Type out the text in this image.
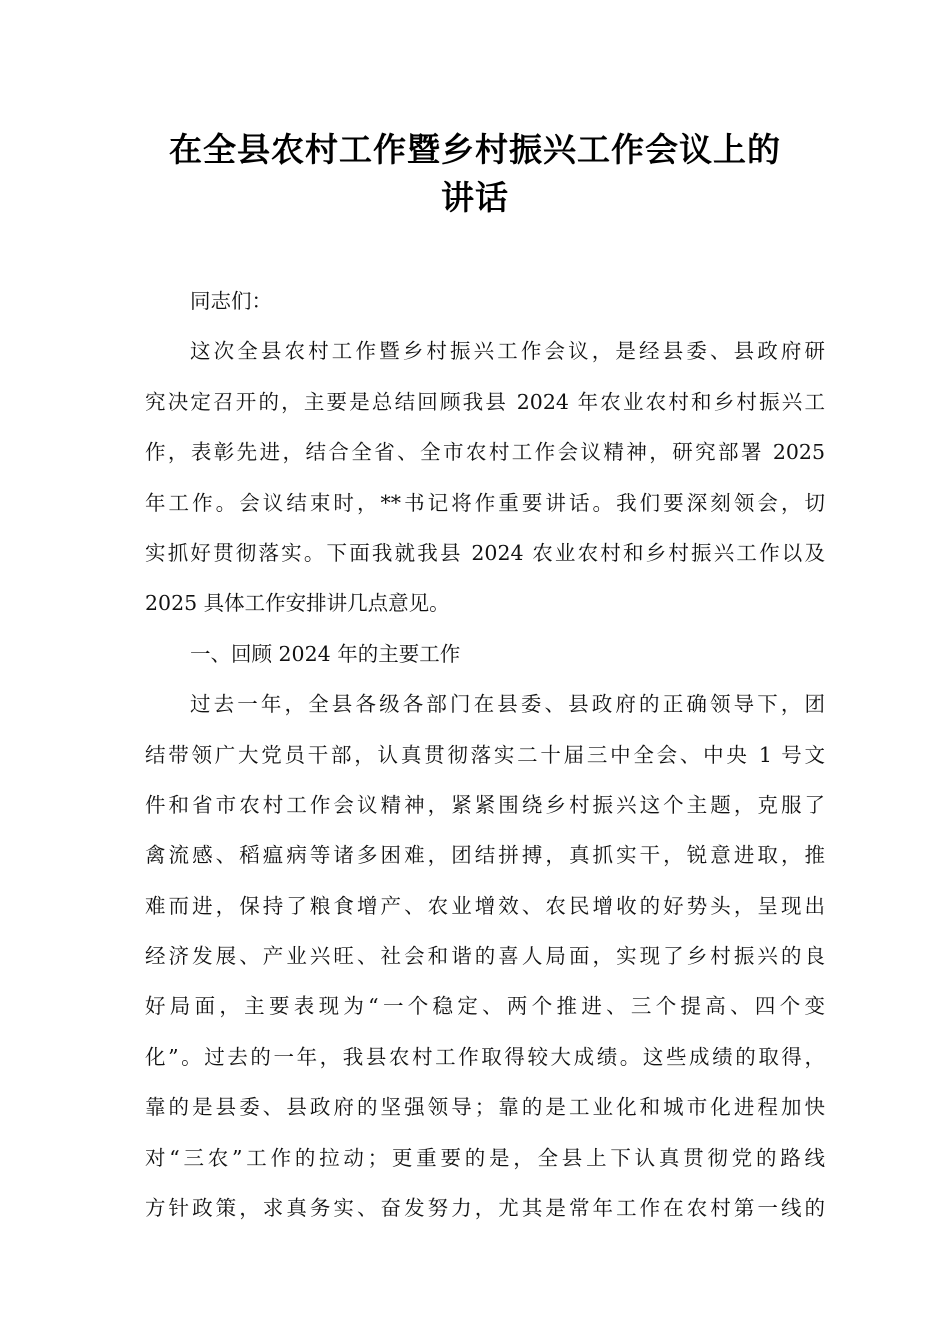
在全县农村工作暨乡村振兴工作会议上的
讲话
同志们：
这次全县农村工作暨乡村振兴工作会议，是经县委、县政府研
究决定召开的，主要是总结回顾我县 2024 年农业农村和乡村振兴工
作，表彰先进，结合全省、全市农村工作会议精神，研究部署 2025
年工作。会议结束时，**书记将作重要讲话。我们要深刻领会，切
实抓好贯彻落实。下面我就我县 2024 农业农村和乡村振兴工作以及
2025 具体工作安排讲几点意见。
一、回顾 2024 年的主要工作
过去一年，全县各级各部门在县委、县政府的正确领导下，团
结带领广大党员干部，认真贯彻落实二十届三中全会、中央 1 号文
件和省市农村工作会议精神，紧紧围绕乡村振兴这个主题，克服了
禽流感、稻瘟病等诸多困难，团结拼搏，真抓实干，锐意进取，推
难而进，保持了粮食增产、农业增效、农民增收的好势头，呈现出
经济发展、产业兴旺、社会和谐的喜人局面，实现了乡村振兴的良
好局面，主要表现为“一个稳定、两个推进、三个提高、四个变
化”。过去的一年，我县农村工作取得较大成绩。这些成绩的取得，
靠的是县委、县政府的坚强领导；靠的是工业化和城市化进程加快
对“三农”工作的拉动；更重要的是，全县上下认真贯彻党的路线
方针政策，求真务实、奋发努力，尤其是常年工作在农村第一线的
